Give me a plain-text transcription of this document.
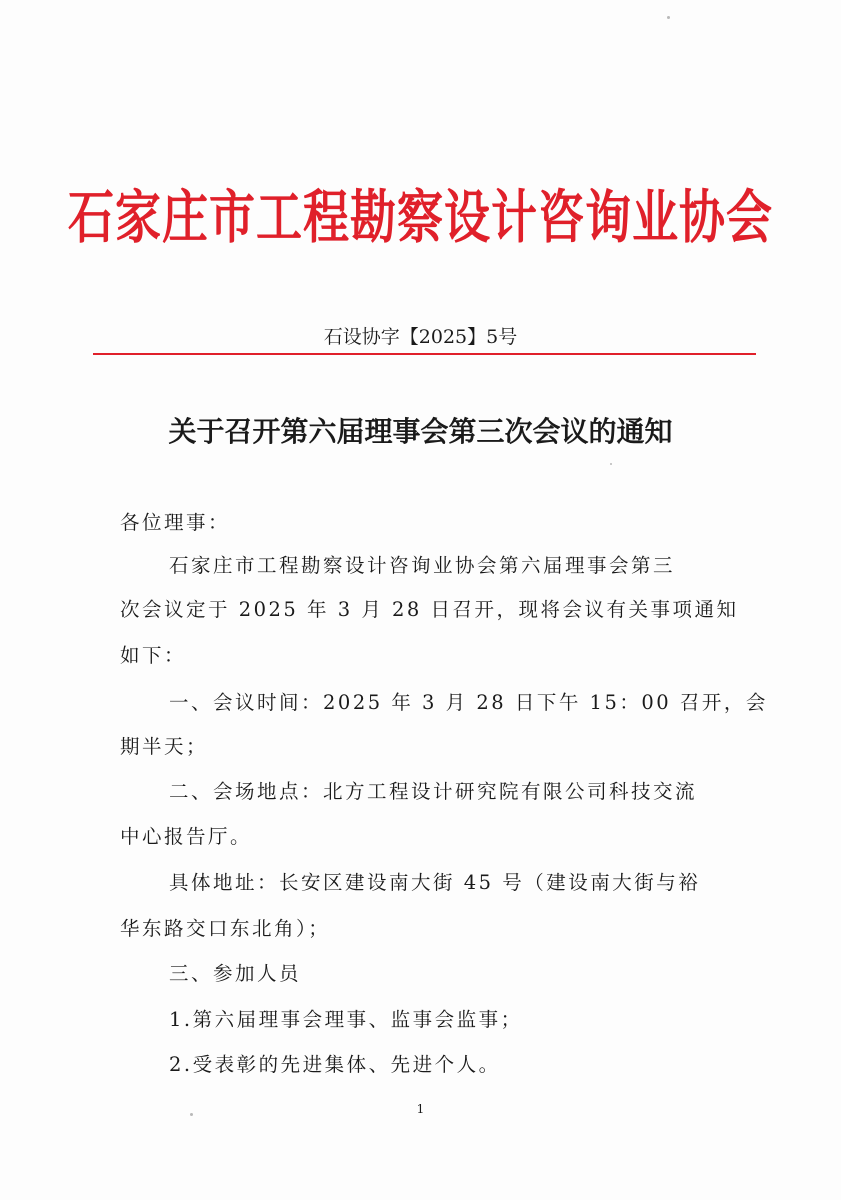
石家庄市工程勘察设计咨询业协会
石设协字【2025】5号
关于召开第六届理事会第三次会议的通知
各位理事：
石家庄市工程勘察设计咨询业协会第六届理事会第三
次会议定于 2025 年 3 月 28 日召开，现将会议有关事项通知
如下：
一、会议时间：2025 年 3 月 28 日下午 15：00 召开，会
期半天；
二、会场地点：北方工程设计研究院有限公司科技交流
中心报告厅。
具体地址：长安区建设南大街 45 号（建设南大街与裕
华东路交口东北角）；
三、参加人员
1.第六届理事会理事、监事会监事；
2.受表彰的先进集体、先进个人。
1
